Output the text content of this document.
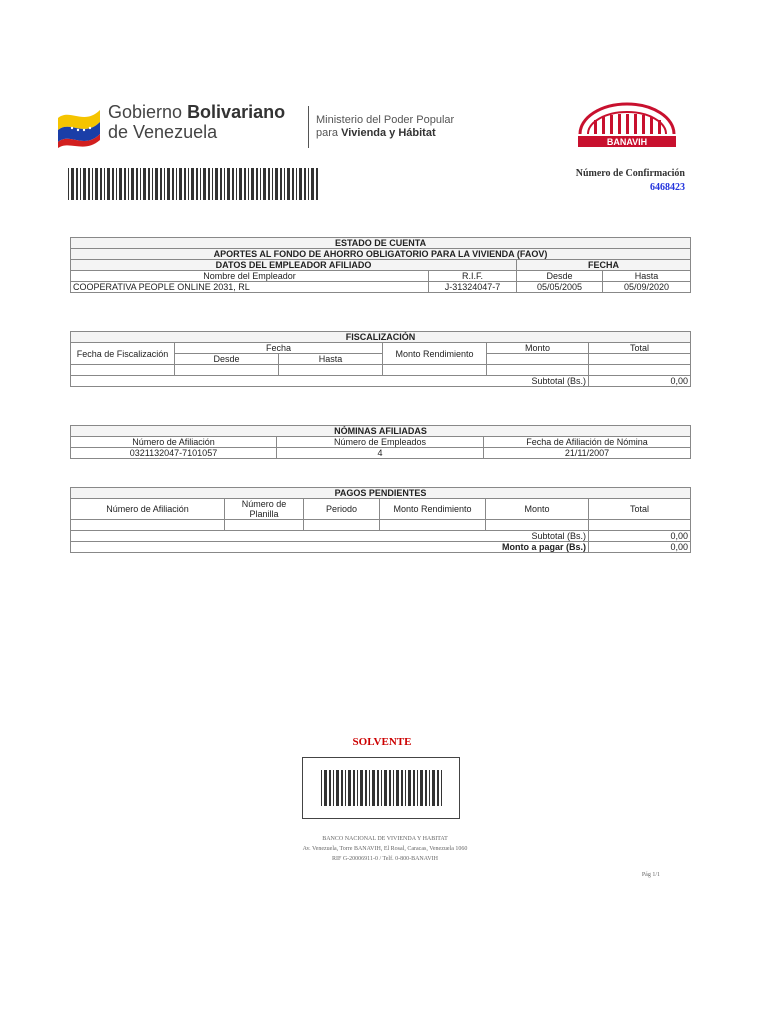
Gobierno Bolivariano
de Venezuela
Ministerio del Poder Popular
para Vivienda y Hábitat
BANAVIH
Número de Confirmación
6468423
ESTADO DE CUENTA			
APORTES AL FONDO DE AHORRO OBLIGATORIO PARA LA VIVIENDA (FAOV)			
DATOS DEL EMPLEADOR AFILIADO		FECHA	
Nombre del Empleador	R.I.F.	Desde	Hasta
COOPERATIVA PEOPLE ONLINE 2031, RL	J-31324047-7	05/05/2005	05/09/2020
FISCALIZACIÓN					
Fecha de Fiscalización	Fecha		Monto Rendimiento	Monto	Total
	Desde	Hasta			

Subtotal (Bs.)					0,00
NÓMINAS AFILIADAS		
Número de Afiliación	Número de Empleados	Fecha de Afiliación de Nómina
0321132047-7101057	4	21/11/2007
PAGOS PENDIENTES					
Número de Afiliación	Número de Planilla	Periodo	Monto Rendimiento	Monto	Total

Subtotal (Bs.)					0,00
Monto a pagar (Bs.)					0,00
SOLVENTE
BANCO NACIONAL DE VIVIENDA Y HABITAT
Av. Venezuela, Torre BANAVIH, El Rosal, Caracas, Venezuela 1060
RIF G-20006911-0 / Telf. 0-800-BANAVIH
Pág 1/1
